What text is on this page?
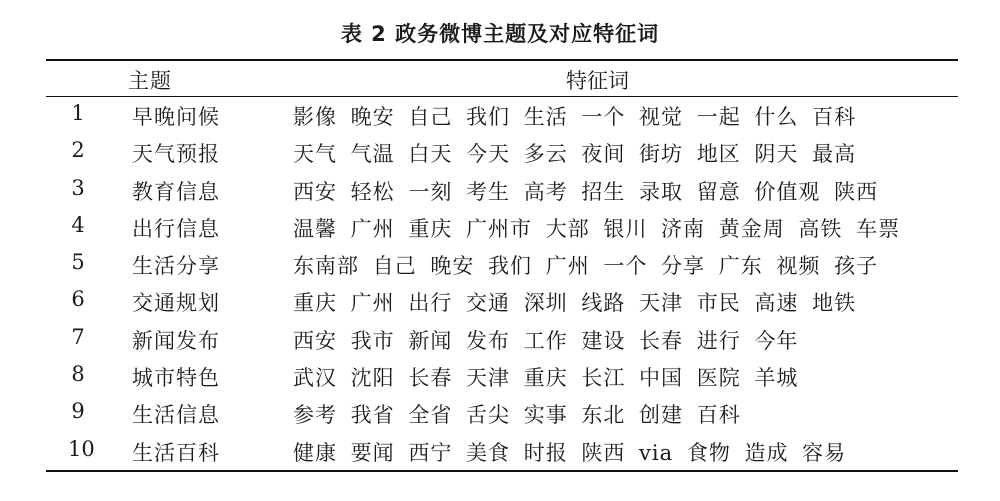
表 2 政务微博主题及对应特征词
主题	特征词
1 早晚问候	影像 晚安 自己 我们 生活 一个 视觉 一起 什么 百科
2 天气预报	天气 气温 白天 今天 多云 夜间 街坊 地区 阴天 最高
3 教育信息	西安 轻松 一刻 考生 高考 招生 录取 留意 价值观 陕西
4 出行信息	温馨 广州 重庆 广州市 大部 银川 济南 黄金周 高铁 车票
5 生活分享	东南部 自己 晚安 我们 广州 一个 分享 广东 视频 孩子
6 交通规划	重庆 广州 出行 交通 深圳 线路 天津 市民 高速 地铁
7 新闻发布	西安 我市 新闻 发布 工作 建设 长春 进行 今年
8 城市特色	武汉 沈阳 长春 天津 重庆 长江 中国 医院 羊城
9 生活信息	参考 我省 全省 舌尖 实事 东北 创建 百科
10 生活百科	健康 要闻 西宁 美食 时报 陕西 via 食物 造成 容易
